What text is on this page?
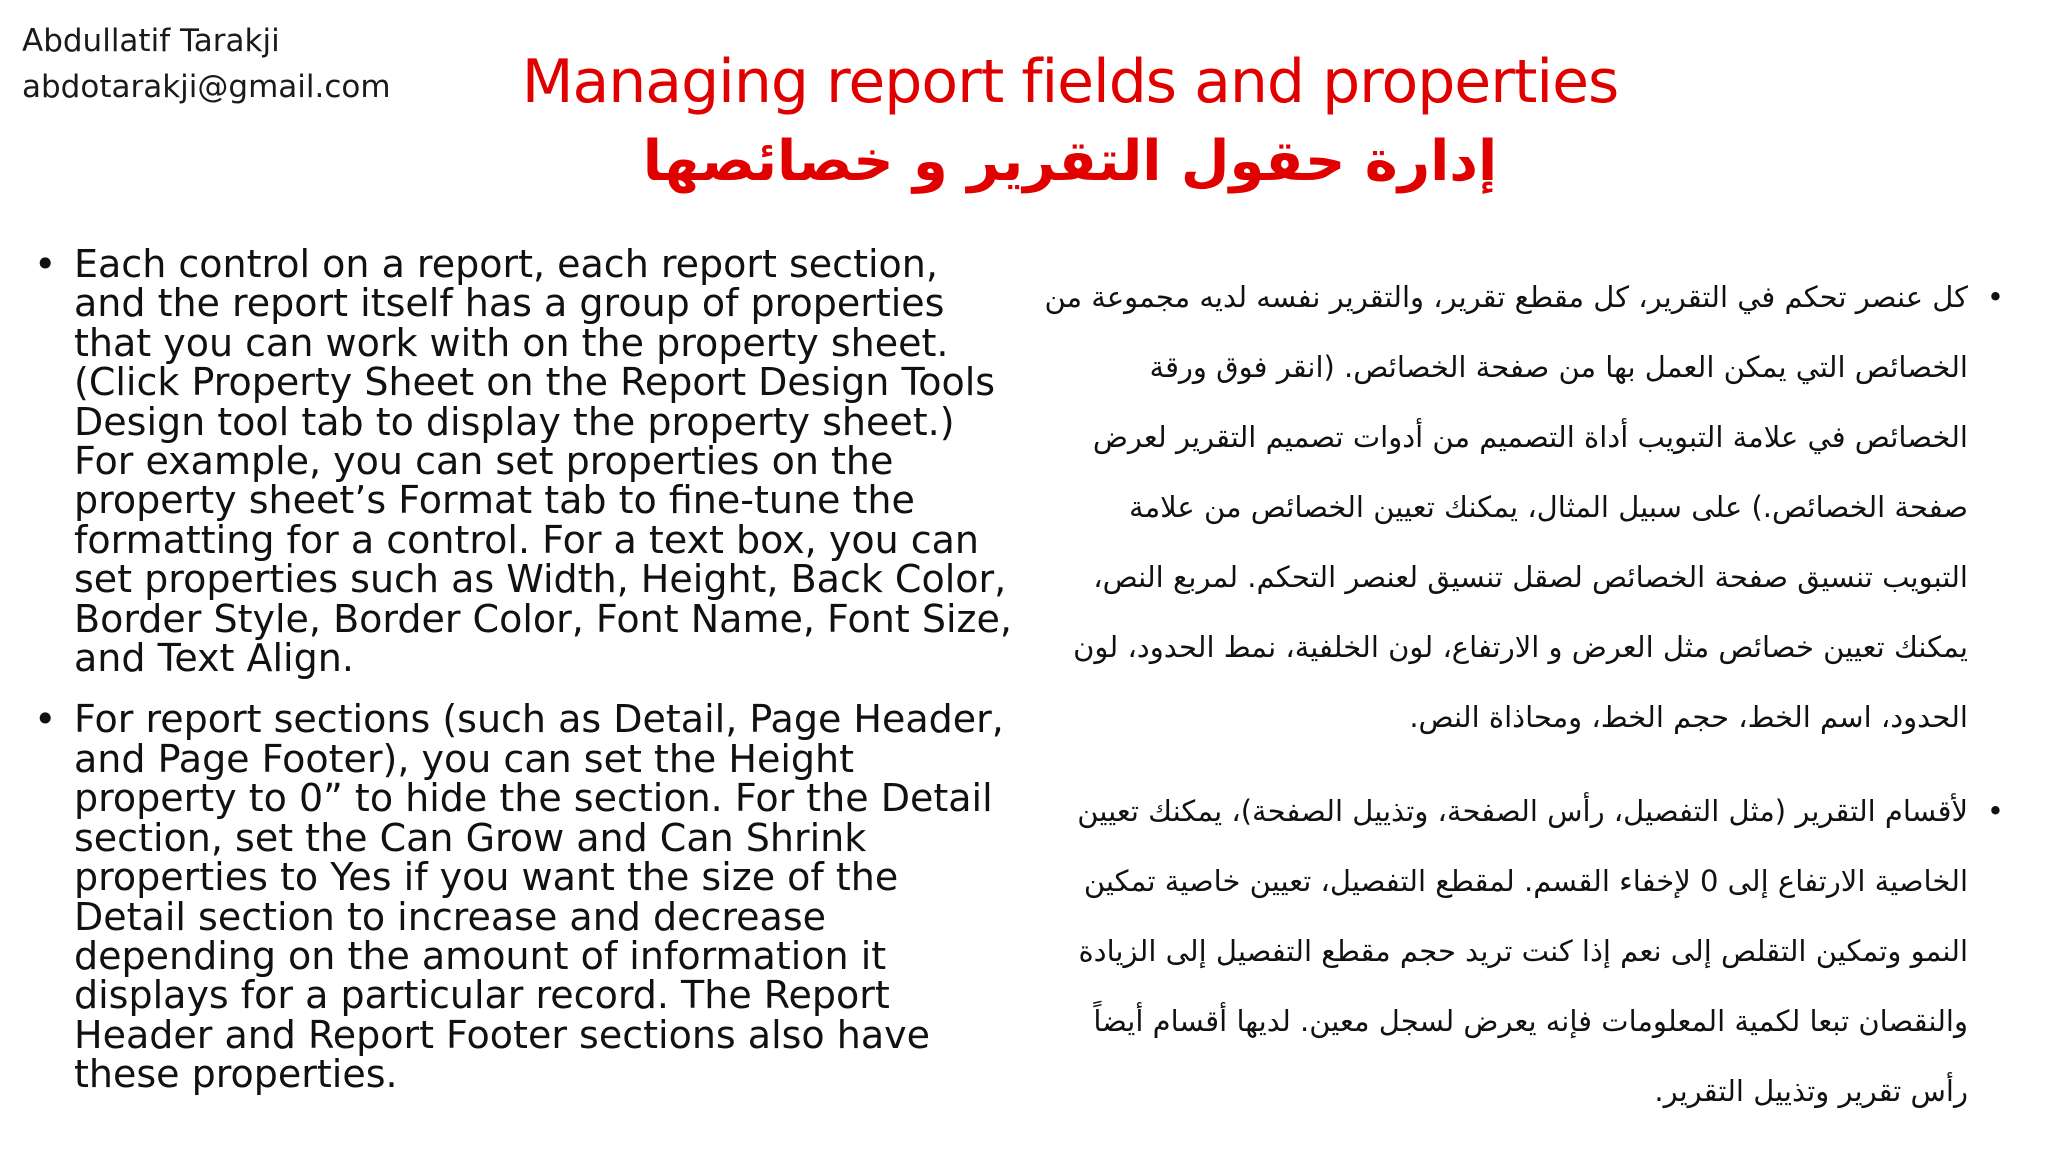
Abdullatif Tarakji
abdotarakji@gmail.com	Managing report fields and properties
إدارة حقول التقرير و خصائصها
• Each control on a report, each report section, and the report itself has a group of properties that you can work with on the property sheet. (Click Property Sheet on the Report Design Tools Design tool tab to display the property sheet.) For example, you can set properties on the property sheet’s Format tab to fine-tune the formatting for a control. For a text box, you can set properties such as Width, Height, Back Color, Border Style, Border Color, Font Name, Font Size, and Text Align.
• For report sections (such as Detail, Page Header, and Page Footer), you can set the Height property to 0” to hide the section. For the Detail section, set the Can Grow and Can Shrink properties to Yes if you want the size of the Detail section to increase and decrease depending on the amount of information it displays for a particular record. The Report Header and Report Footer sections also have these properties.
•
كل عنصر تحكم في التقرير، كل مقطع تقرير، والتقرير نفسه لديه مجموعة من الخصائص التي يمكن العمل بها من صفحة الخصائص. (انقر فوق ورقة الخصائص في علامة التبويب أداة التصميم من أدوات تصميم التقرير لعرض صفحة الخصائص.) على سبيل المثال، يمكنك تعيين الخصائص من علامة التبويب تنسيق صفحة الخصائص لصقل تنسيق لعنصر التحكم. لمربع النص، يمكنك تعيين خصائص مثل العرض و الارتفاع، لون الخلفية، نمط الحدود، لون الحدود، اسم الخط، حجم الخط، ومحاذاة النص.
•
لأقسام التقرير (مثل التفصيل، رأس الصفحة، وتذييل الصفحة)، يمكنك تعيين الخاصية الارتفاع إلى 0 لإخفاء القسم. لمقطع التفصيل، تعيين خاصية تمكين النمو وتمكين التقلص إلى نعم إذا كنت تريد حجم مقطع التفصيل إلى الزيادة والنقصان تبعا لكمية المعلومات فإنه يعرض لسجل معين. لديها أقسام أيضاً رأس تقرير وتذييل التقرير.
